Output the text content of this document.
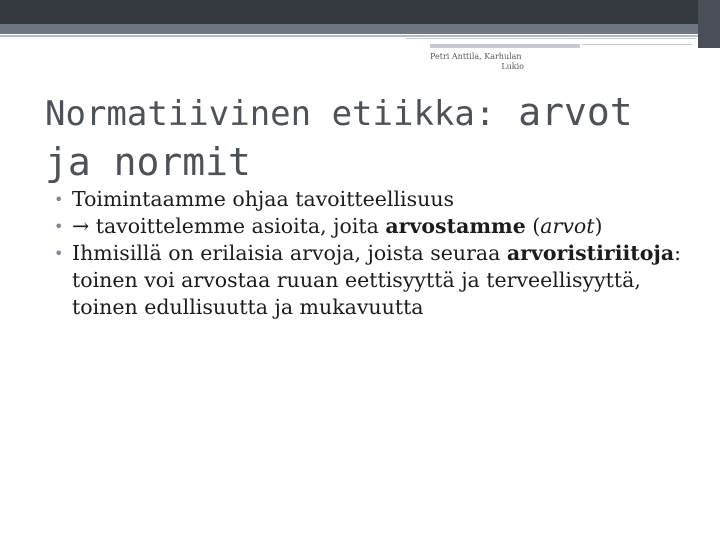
Petri Anttila, Karhulan
Lukio
Normatiivinen etiikka: arvot ja normit
• Toimintaamme ohjaa tavoitteellisuus
• → tavoittelemme asioita, joita arvostamme (arvot)
• Ihmisillä on erilaisia arvoja, joista seuraa arvoristiriitoja: toinen voi arvostaa ruuan eettisyyttä ja terveellisyyttä, toinen edullisuutta ja mukavuutta
